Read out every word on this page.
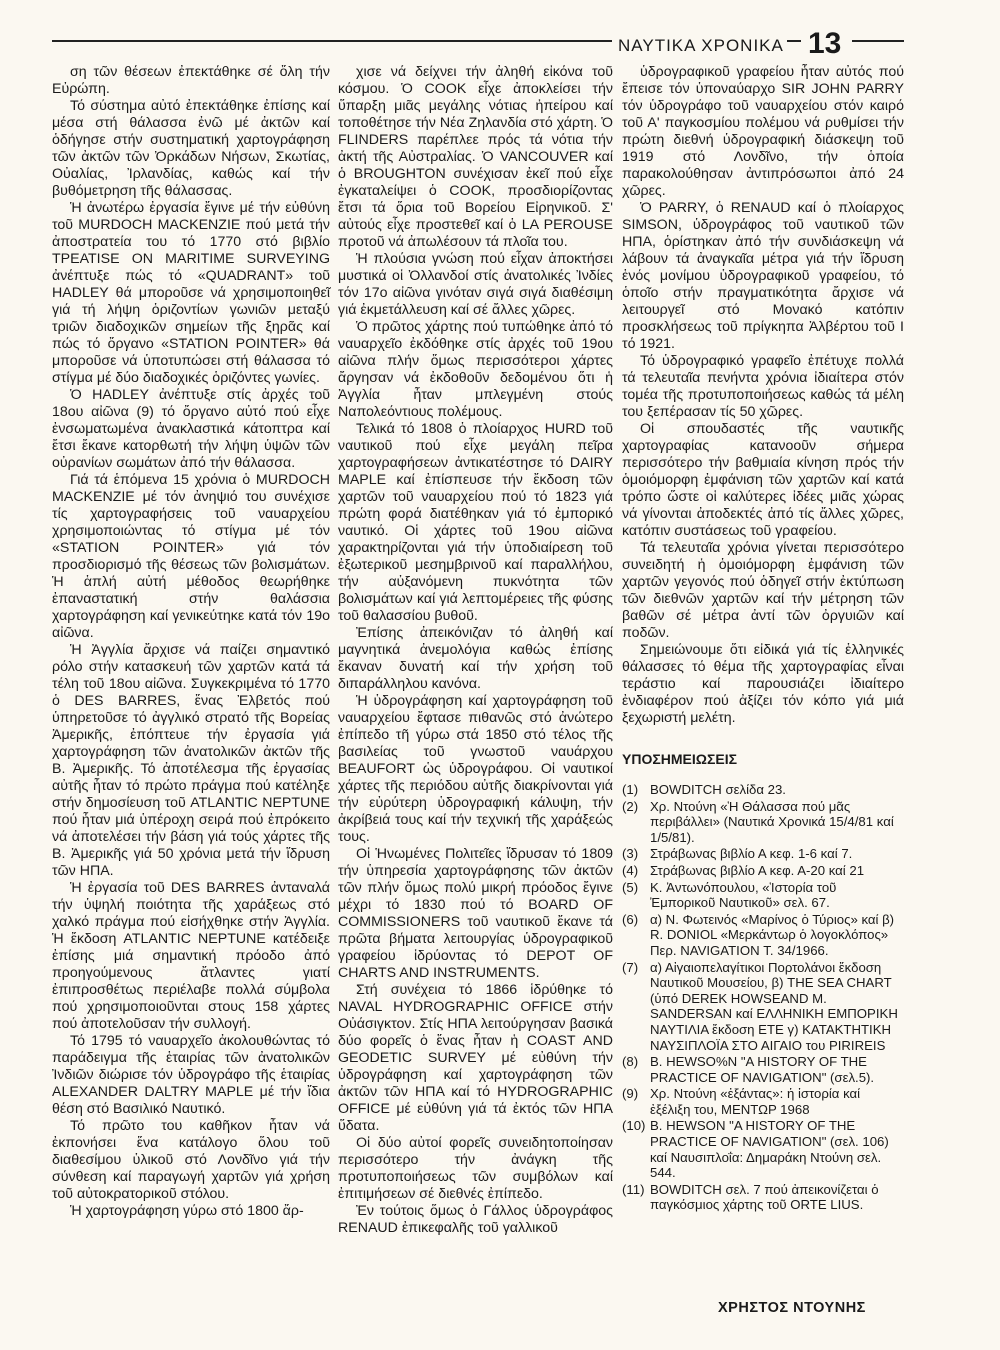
ΝΑΥΤΙΚΑ ΧΡΟΝΙΚΑ 13

ση τῶν θέσεων ἐπεκτάθηκε σέ ὅλη τήν Εὐρώπη.

Τό σύστημα αὐτό ἐπεκτάθηκε ἐπίσης καί μέσα στή θάλασσα ἐνῶ μέ ἀκτῶν καί ὁδήγησε στήν συστηματική χαρτογράφηση τῶν ἀκτῶν τῶν Ὀρκάδων Νήσων, Σκωτίας, Οὐαλίας, Ἰρλανδίας, καθώς καί τήν βυθόμετρηση τῆς θάλασσας.

Ἡ ἀνωτέρω ἐργασία ἔγινε μέ τήν εὐθύνη τοῦ MURDOCH MACKENZIE πού μετά τήν ἀποστρατεία του τό 1770 στό βιβλίο ΤΡΕΑΤΙSE ON MARITIME SURVEYING ἀνέπτυξε πώς τό «QUADRANT» τοῦ HADLEY θά μποροῦσε νά χρησιμοποιηθεῖ γιά τή λήψη ὁριζοντίων γωνιῶν μεταξύ τριῶν διαδοχικῶν σημείων τῆς ξηρᾶς καί πώς τό ὄργανο «STATION POINTER» θά μποροῦσε νά ὑποτυπώσει στή θάλασσα τό στίγμα μέ δύο διαδοχικές ὁριζόντες γωνίες.

Ὁ HADLEY ἀνέπτυξε στίς ἀρχές τοῦ 18ου αἰῶνα (9) τό ὄργανο αὐτό πού εἶχε ἐνσωματωμένα ἀνακλαστικά κάτοπτρα καί ἔτσι ἔκανε κατορθωτή τήν λήψη ὑψῶν τῶν οὐρανίων σωμάτων ἀπό τήν θάλασσα.

Γιά τά ἑπόμενα 15 χρόνια ὁ MURDOCH MACKENZIE μέ τόν ἀνηψιό του συνέχισε τίς χαρτογραφήσεις τοῦ ναυαρχείου χρησιμοποιώντας τό στίγμα μέ τόν «STATION POINTER» γιά τόν προσδιορισμό τῆς θέσεως τῶν βολισμάτων. Ἡ ἁπλή αὐτή μέθοδος θεωρήθηκε ἐπαναστατική στήν θαλάσσια χαρτογράφηση καί γενικεύτηκε κατά τόν 19ο αἰῶνα.

Ἡ Ἀγγλία ἄρχισε νά παίζει σημαντικό ρόλο στήν κατασκευή τῶν χαρτῶν κατά τά τέλη τοῦ 18ου αἰῶνα. Συγκεκριμένα τό 1770 ὁ DES BARRES, ἕνας Ἐλβετός πού ὑπηρετοῦσε τό ἀγγλικό στρατό τῆς Βορείας Ἀμερικῆς, ἐπόπτευε τήν ἐργασία γιά χαρτογράφηση τῶν ἀνατολικῶν ἀκτῶν τῆς Β. Ἀμερικῆς. Τό ἀποτέλεσμα τῆς ἐργασίας αὐτῆς ἦταν τό πρώτο πράγμα πού κατέληξε στήν δημοσίευση τοῦ ATLANTIC NEPTUNE πού ἦταν μιά ὑπέροχη σειρά πού ἐπρόκειτο νά ἀποτελέσει τήν βάση γιά τούς χάρτες τῆς Β. Ἀμερικῆς γιά 50 χρόνια μετά τήν ἵδρυση τῶν ΗΠΑ.

Ἡ ἐργασία τοῦ DES BARRES ἀνταναλά τήν ὑψηλή ποιότητα τῆς χαράξεως στό χαλκό πράγμα πού εἰσήχθηκε στήν Ἀγγλία. Ἡ ἔκδοση ATLANTIC NEPTUNE κατέδειξε ἐπίσης μιά σημαντική πρόοδο ἀπό προηγούμενους ἄτλαντες γιατί ἐπιπροσθέτως περιέλαβε πολλά σύμβολα πού χρησιμοποιοῦνται στους 158 χάρτες πού ἀποτελοῦσαν τήν συλλογή.

Τό 1795 τό ναυαρχεῖο ἀκολουθώντας τό παράδειγμα τῆς ἑταιρίας τῶν ἀνατολικῶν Ἰνδιῶν διώρισε τόν ὑδρογράφο τῆς ἑταιρίας ALEXANDER DALTRY MAPLE μέ τήν ἴδια θέση στό Βασιλικό Ναυτικό.

Τό πρῶτο του καθῆκον ἦταν νά ἐκπονήσει ἕνα κατάλογο ὅλου τοῦ διαθεσίμου ὑλικοῦ στό Λονδῖνο γιά τήν σύνθεση καί παραγωγή χαρτῶν γιά χρήση τοῦ αὐτοκρατορικοῦ στόλου.

Ἡ χαρτογράφηση γύρω στό 1800 ἄρ-

χισε νά δείχνει τήν ἀληθή εἰκόνα τοῦ κόσμου. Ὁ COOK εἶχε ἀποκλείσει τήν ὕπαρξη μιᾶς μεγάλης νότιας ἠπείρου καί τοποθέτησε τήν Νέα Ζηλανδία στό χάρτη. Ὁ FLINDERS παρέπλεε πρός τά νότια τήν ἀκτή τῆς Αὐστραλίας. Ὁ VANCOUVER καί ὁ BROUGHTON συνέχισαν ἐκεῖ πού εἶχε ἐγκαταλείψει ὁ COOK, προσδιορίζοντας ἔτσι τά ὅρια τοῦ Βορείου Εἰρηνικοῦ. Σ' αὐτούς εἶχε προστεθεῖ καί ὁ LA PEROUSE προτοῦ νά ἀπωλέσουν τά πλοῖα του.

Ἡ πλούσια γνώση πού εἶχαν ἀποκτήσει μυστικά οἱ Ὀλλανδοί στίς ἀνατολικές Ἰνδίες τόν 17ο αἰῶνα γινόταν σιγά σιγά διαθέσιμη γιά ἐκμετάλλευση καί σέ ἄλλες χῶρες.

Ὁ πρῶτος χάρτης πού τυπώθηκε ἀπό τό ναυαρχεῖο ἐκδόθηκε στίς ἀρχές τοῦ 19ου αἰῶνα πλήν ὅμως περισσότεροι χάρτες ἄργησαν νά ἐκδοθοῦν δεδομένου ὅτι ἡ Ἀγγλία ἦταν μπλεγμένη στούς Ναπολεόντιους πολέμους.

Τελικά τό 1808 ὁ πλοίαρχος HURD τοῦ ναυτικοῦ πού εἶχε μεγάλη πεῖρα χαρτογραφήσεων ἀντικατέστησε τό DAIRY MAPLE καί ἐπίσπευσε τήν ἔκδοση τῶν χαρτῶν τοῦ ναυαρχείου πού τό 1823 γιά πρώτη φορά διατέθηκαν γιά τό ἐμπορικό ναυτικό. Οἱ χάρτες τοῦ 19ου αἰῶνα χαρακτηρίζονται γιά τήν ὑποδιαίρεση τοῦ ἐξωτερικοῦ μεσημβρινοῦ καί παραλλήλου, τήν αὐξανόμενη πυκνότητα τῶν βολισμάτων καί γιά λεπτομέρειες τῆς φύσης τοῦ θαλασσίου βυθοῦ.

Ἐπίσης ἀπεικόνιζαν τό ἀληθή καί μαγνητικά ἀνεμολόγια καθώς ἐπίσης ἔκαναν δυνατή καί τήν χρήση τοῦ διπαράλληλου κανόνα.

Ἡ ὑδρογράφηση καί χαρτογράφηση τοῦ ναυαρχείου ἔφτασε πιθανῶς στό ἀνώτερο ἐπίπεδο τῆ γύρω στά 1850 στό τέλος τῆς βασιλείας τοῦ γνωστοῦ ναυάρχου BEAUFORT ὡς ὑδρογράφου. Οἱ ναυτικοί χάρτες τῆς περιόδου αὐτῆς διακρίνονται γιά τήν εὐρύτερη ὑδρογραφική κάλυψη, τήν ἀκρίβειά τους καί τήν τεχνική τῆς χαράξεώς τους.

Οἱ Ἡνωμένες Πολιτεῖες ἵδρυσαν τό 1809 τήν ὑπηρεσία χαρτογράφησης τῶν ἀκτῶν τῶν πλήν ὅμως πολύ μικρή πρόοδος ἔγινε μέχρι τό 1830 πού τό BOARD OF COMMISSIONERS τοῦ ναυτικοῦ ἔκανε τά πρῶτα βήματα λειτουργίας ὑδρογραφικοῦ γραφείου ἱδρύοντας τό DEPOT OF CHARTS AND INSTRUMENTS.

Στή συνέχεια τό 1866 ἱδρύθηκε τό NAVAL HYDROGRAPHIC OFFICE στήν Οὐάσιγκτον. Στίς ΗΠΑ λειτούργησαν βασικά δύο φορεῖς ὁ ἕνας ἦταν ἡ COAST AND GEODETIC SURVEY μέ εὐθύνη τήν ὑδρογράφηση καί χαρτογράφηση τῶν ἀκτῶν τῶν ΗΠΑ καί τό HYDROGRAPHIC OFFICE μέ εὐθύνη γιά τά ἐκτός τῶν ΗΠΑ ὕδατα.

Οἱ δύο αὐτοί φορεῖς συνειδητοποίησαν περισσότερο τήν ἀνάγκη τῆς προτυποποιήσεως τῶν συμβόλων καί ἐπιτιμήσεων σέ διεθνές ἐπίπεδο.

Ἐν τούτοις ὅμως ὁ Γάλλος ὑδρογράφος RENAUD ἐπικεφαλῆς τοῦ γαλλικοῦ

ὑδρογραφικοῦ γραφείου ἦταν αὐτός πού ἔπεισε τόν ὑποναύαρχο SIR JOHN PARRY τόν ὑδρογράφο τοῦ ναυαρχείου στόν καιρό τοῦ Α' παγκοσμίου πολέμου νά ρυθμίσει τήν πρώτη διεθνή ὑδρογραφική διάσκεψη τοῦ 1919 στό Λονδῖνο, τήν ὁποία παρακολούθησαν ἀντιπρόσωποι ἀπό 24 χῶρες.

Ὁ PARRY, ὁ RENAUD καί ὁ πλοίαρχος SIMSON, ὑδρογράφος τοῦ ναυτικοῦ τῶν ΗΠΑ, ὁρίστηκαν ἀπό τήν συνδιάσκεψη νά λάβουν τά ἀναγκαῖα μέτρα γιά τήν ἵδρυση ἑνός μονίμου ὑδρογραφικοῦ γραφείου, τό ὁποῖο στήν πραγματικότητα ἄρχισε νά λειτουργεῖ στό Μονακό κατόπιν προσκλήσεως τοῦ πρίγκηπα Ἀλβέρτου τοῦ Ι τό 1921.

Τό ὑδρογραφικό γραφεῖο ἐπέτυχε πολλά τά τελευταῖα πενήντα χρόνια ἰδιαίτερα στόν τομέα τῆς προτυποποιήσεως καθώς τά μέλη του ξεπέρασαν τίς 50 χῶρες.

Οἱ σπουδαστές τῆς ναυτικῆς χαρτογραφίας κατανοοῦν σήμερα περισσότερο τήν βαθμιαία κίνηση πρός τήν ὁμοιόμορφη ἐμφάνιση τῶν χαρτῶν καί κατά τρόπο ὥστε οἱ καλύτερες ἰδέες μιᾶς χώρας νά γίνονται ἀποδεκτές ἀπό τίς ἄλλες χῶρες, κατόπιν συστάσεως τοῦ γραφείου.

Τά τελευταῖα χρόνια γίνεται περισσότερο συνειδητή ἡ ὁμοιόμορφη ἐμφάνιση τῶν χαρτῶν γεγονός πού ὁδηγεῖ στήν ἐκτύπωση τῶν διεθνῶν χαρτῶν καί τήν μέτρηση τῶν βαθῶν σέ μέτρα ἀντί τῶν ὀργυιῶν καί ποδῶν.

Σημειώνουμε ὅτι εἰδικά γιά τίς ἑλληνικές θάλασσες τό θέμα τῆς χαρτογραφίας εἶναι τεράστιο καί παρουσιάζει ἰδιαίτερο ἐνδιαφέρον πού ἀξίζει τόν κόπο γιά μιά ξεχωριστή μελέτη.

ΥΠΟΣΗΜΕΙΩΣΕΙΣ
(1) BOWDITCH σελίδα 23.
(2) Χρ. Ντούνη «Ἡ Θάλασσα πού μᾶς περιβάλλει» (Ναυτικά Χρονικά 15/4/81 καί 1/5/81).
(3) Στράβωνας βιβλίο Α κεφ. 1-6 καί 7.
(4) Στράβωνας βιβλίο Α κεφ. Α-20 καί 21
(5) Κ. Ἀντωνόπουλου, «Ἱστορία τοῦ Ἐμπορικοῦ Ναυτικοῦ» σελ. 67.
(6) α) Ν. Φωτεινός «Μαρίνος ὁ Τύριος» καί β) R. DONIOL «Μερκάντωρ ὁ λογοκλόπος» Περ. NAVIGATION Τ. 34/1966.
(7) α) Αἰγαιοπελαγίτικοι Πορτολάνοι ἔκδοση Ναυτικοῦ Μουσείου, β) THE SEA CHART (ὑπό DEREK HOWSEAND M. SANDERSAN καί ΕΛΛΗΝΙΚΗ ΕΜΠΟΡΙΚΗ ΝΑΥΤΙΛΙΑ ἔκδοση ΕΤΕ γ) ΚΑΤΑΚΤΗΤΙΚΗ ΝΑΥΣΙΠΛΟΪΑ ΣΤΟ ΑΙΓΑΙΟ του PIRIREIS
(8) B. HEWSO%N "A HISTORY OF THE PRACTICE OF NAVIGATION" (σελ.5).
(9) Χρ. Ντούνη «ἐξάντας»: ἡ ἱστορία καί ἐξέλιξη του, ΜΕΝΤΩΡ 1968
(10) B. HEWSON "A HISTORY OF THE PRACTICE OF NAVIGATION" (σελ. 106) καί Ναυσιπλοΐα: Δημαράκη Ντούνη σελ. 544.
(11) BOWDITCH σελ. 7 πού ἀπεικονίζεται ὁ παγκόσμιος χάρτης τοῦ ORTE LIUS.
ΧΡΗΣΤΟΣ ΝΤΟΥΝΗΣ
